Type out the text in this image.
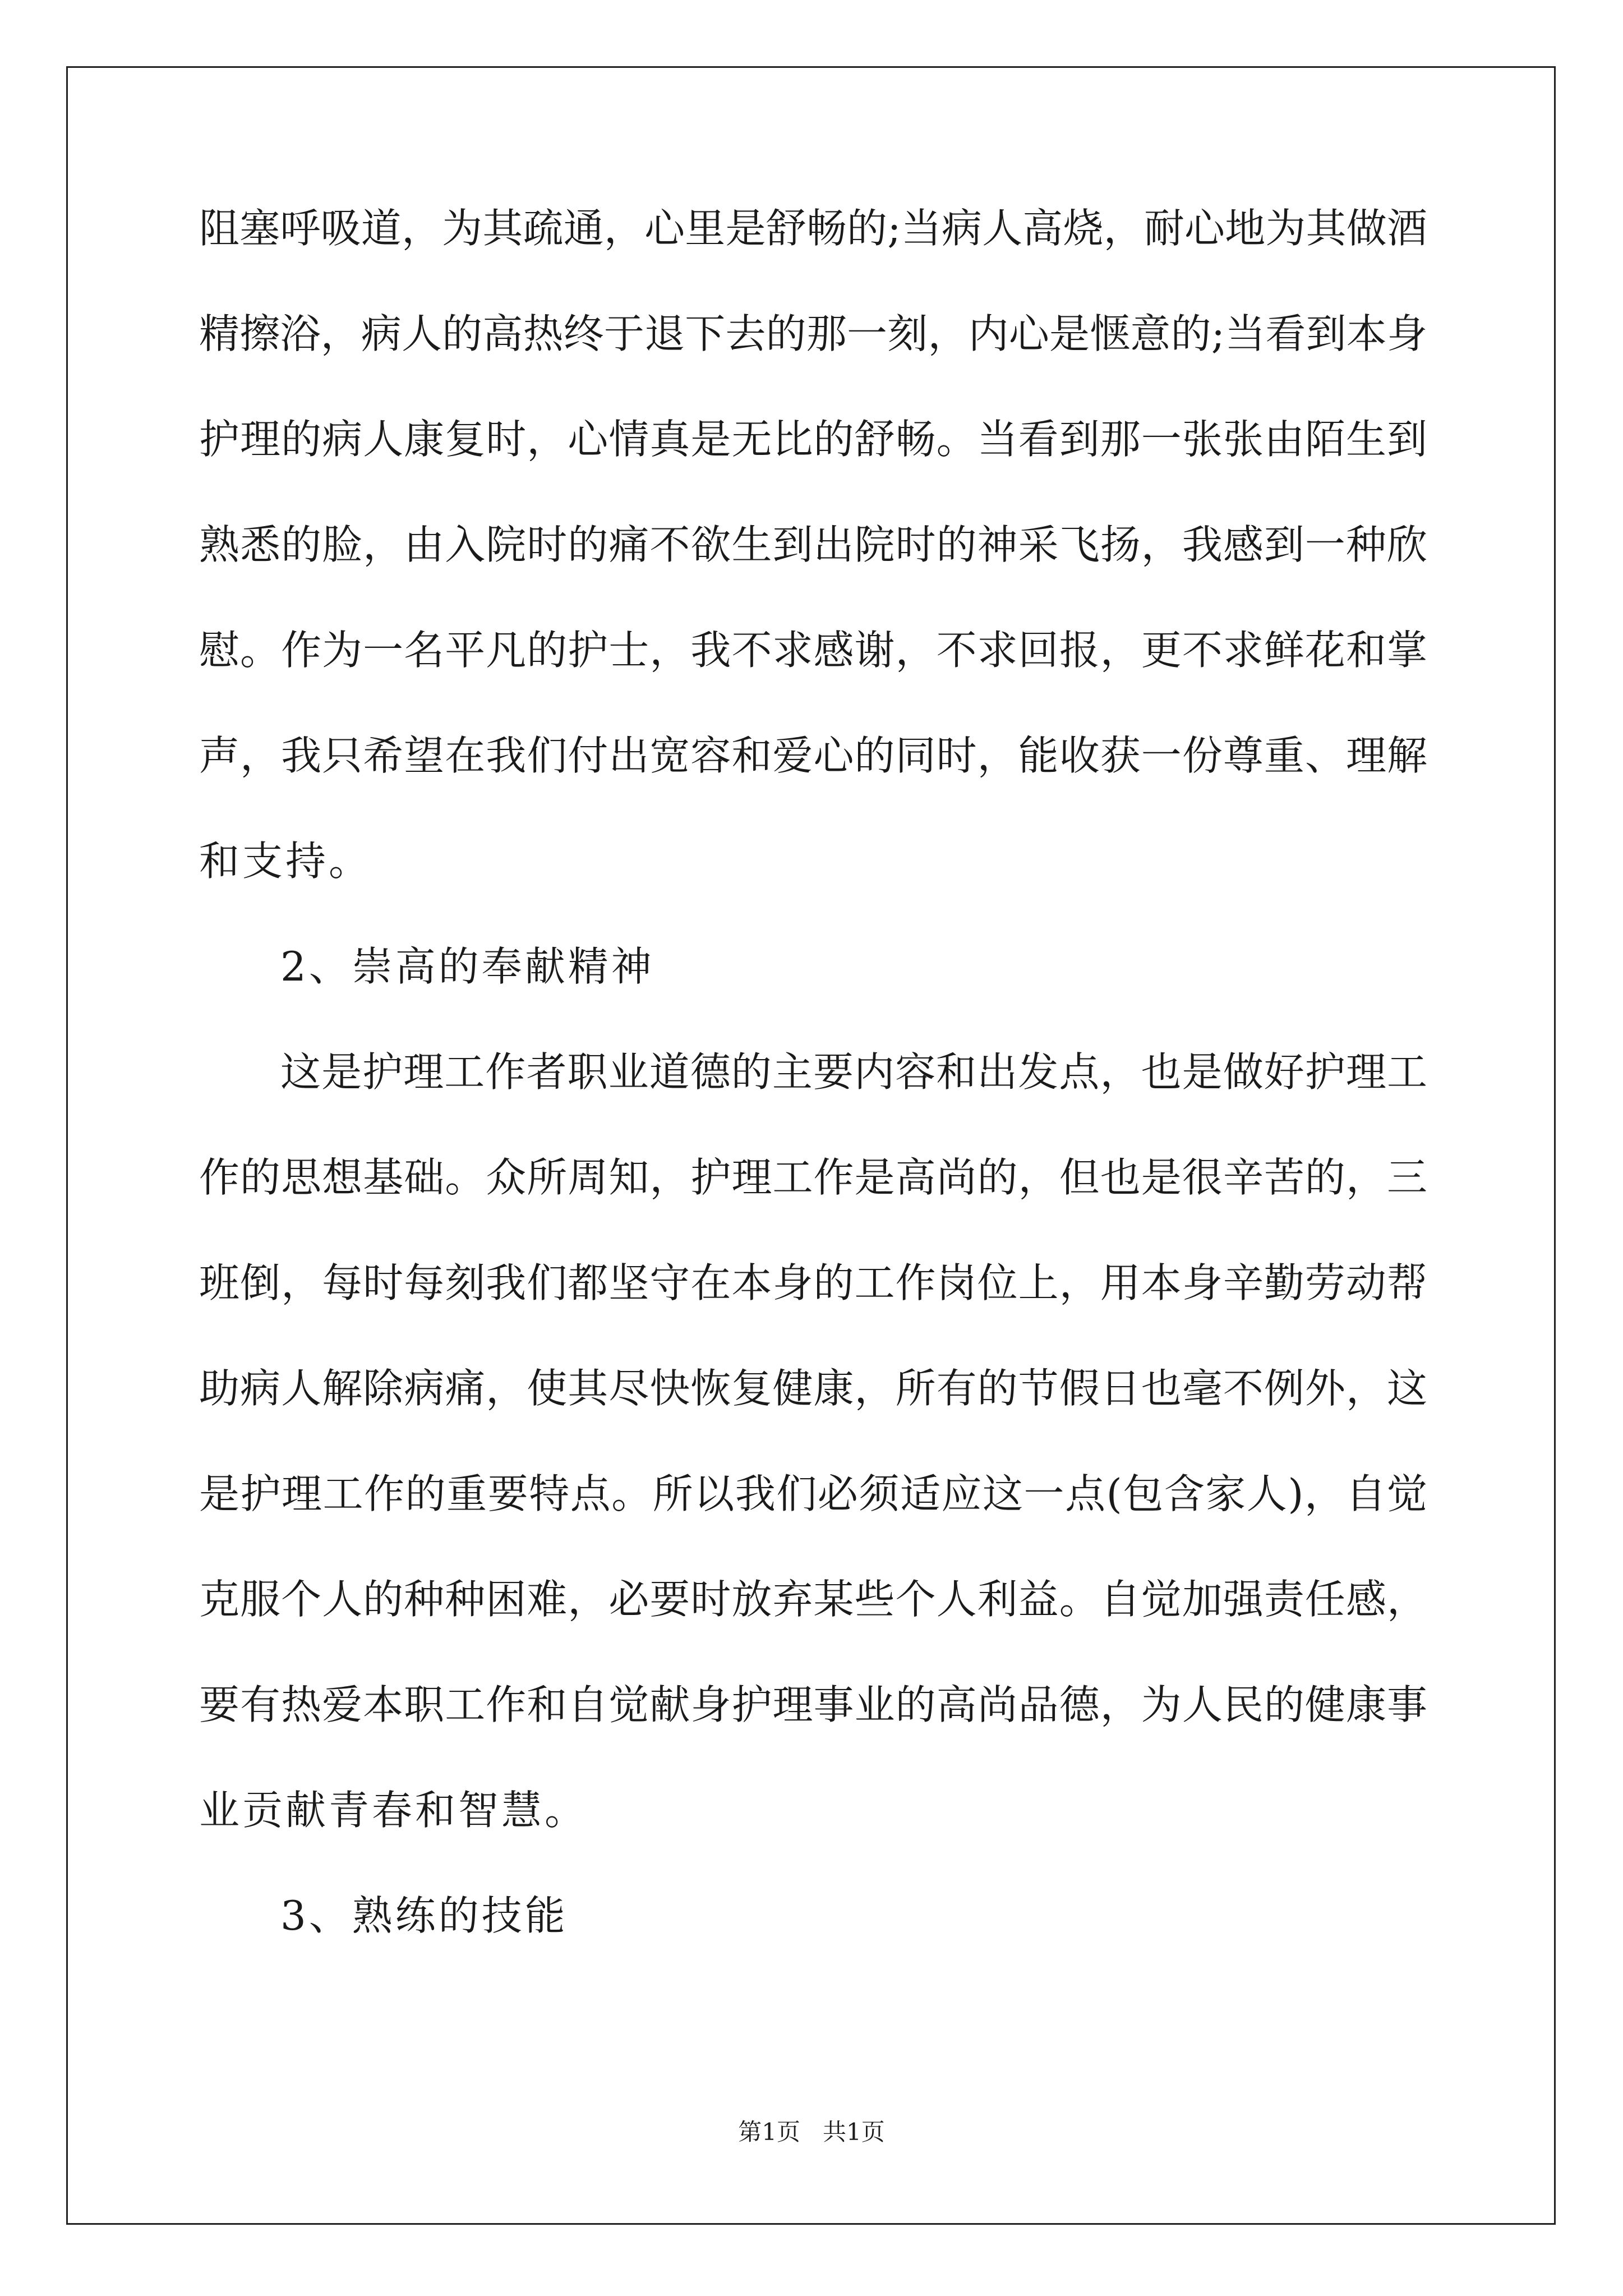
阻塞呼吸道，为其疏通，心里是舒畅的;当病人高烧，耐心地为其做酒
精擦浴，病人的高热终于退下去的那一刻，内心是惬意的;当看到本身
护理的病人康复时，心情真是无比的舒畅。当看到那一张张由陌生到
熟悉的脸，由入院时的痛不欲生到出院时的神采飞扬，我感到一种欣
慰。作为一名平凡的护士，我不求感谢，不求回报，更不求鲜花和掌
声，我只希望在我们付出宽容和爱心的同时，能收获一份尊重、理解
和支持。
2、崇高的奉献精神
这是护理工作者职业道德的主要内容和出发点，也是做好护理工
作的思想基础。众所周知，护理工作是高尚的，但也是很辛苦的，三
班倒，每时每刻我们都坚守在本身的工作岗位上，用本身辛勤劳动帮
助病人解除病痛，使其尽快恢复健康，所有的节假日也毫不例外，这
是护理工作的重要特点。所以我们必须适应这一点(包含家人)，自觉
克服个人的种种困难，必要时放弃某些个人利益。自觉加强责任感，
要有热爱本职工作和自觉献身护理事业的高尚品德，为人民的健康事
业贡献青春和智慧。
3、熟练的技能
第1页   共1页
